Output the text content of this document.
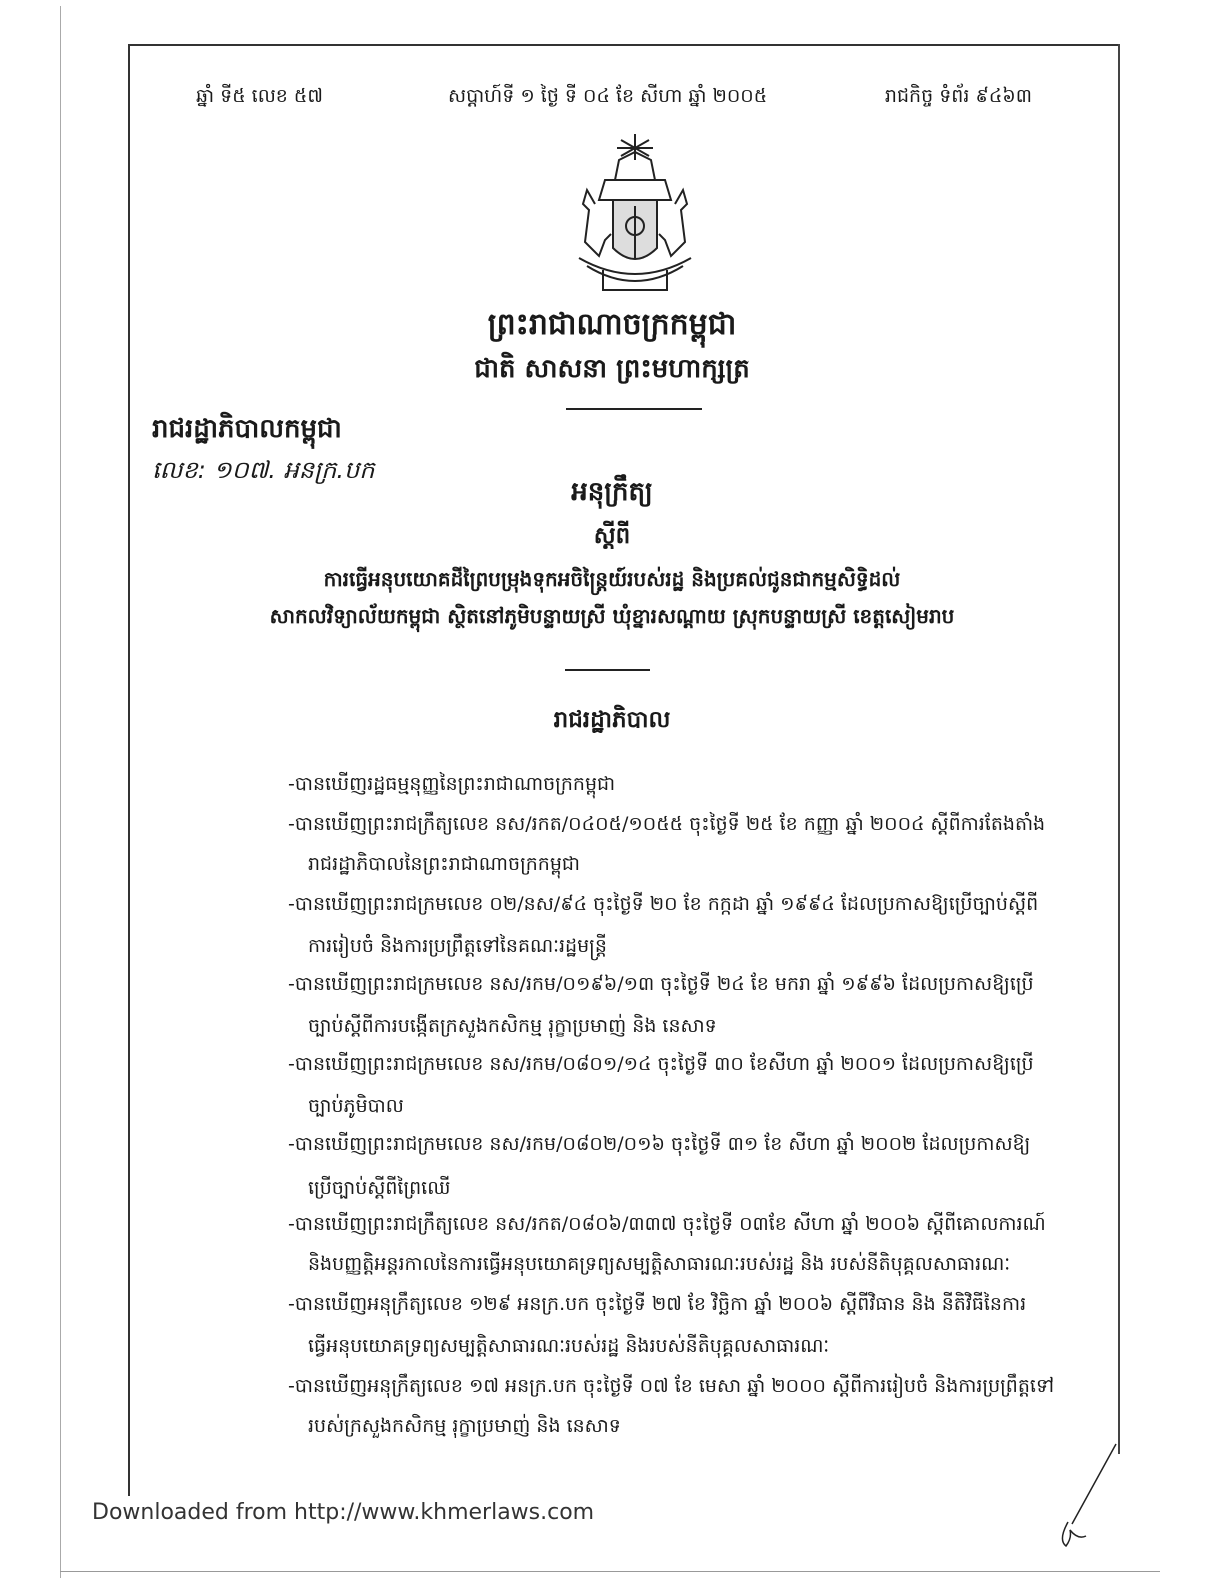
ឆ្នាំ ទី៥ លេខ ៥៧	សប្តាហ៍ទី ១ ថ្ងៃ ទី ០៤ ខែ សីហា ឆ្នាំ ២០០៥	រាជកិច្ច ទំព័រ ៩៤៦៣
ព្រះរាជាណាចក្រកម្ពុជា
ជាតិ សាសនា ព្រះមហាក្សត្រ
រាជរដ្ឋាភិបាលកម្ពុជា
លេខ: ១០៧. អនក្រ.បក
អនុក្រឹត្យ
ស្តីពី
ការធ្វើអនុបយោគដីព្រៃបម្រុងទុកអចិន្ត្រៃយ៍របស់រដ្ឋ និងប្រគល់ជូនជាកម្មសិទ្ធិដល់
សាកលវិទ្យាល័យកម្ពុជា ស្ថិតនៅភូមិបន្ទាយស្រី ឃុំខ្នារសណ្តាយ ស្រុកបន្ទាយស្រី ខេត្តសៀមរាប
រាជរដ្ឋាភិបាល
-បានឃើញរដ្ឋធម្មនុញ្ញនៃព្រះរាជាណាចក្រកម្ពុជា
-បានឃើញព្រះរាជក្រឹត្យលេខ នស/រកត/០៤០៥/១០៥៥ ចុះថ្ងៃទី ២៥ ខែ កញ្ញា ឆ្នាំ ២០០៤ ស្តីពីការតែងតាំង
រាជរដ្ឋាភិបាលនៃព្រះរាជាណាចក្រកម្ពុជា
-បានឃើញព្រះរាជក្រមលេខ ០២/នស/៩៤ ចុះថ្ងៃទី ២០ ខែ កក្កដា ឆ្នាំ ១៩៩៤ ដែលប្រកាសឱ្យប្រើច្បាប់ស្តីពី
ការរៀបចំ និងការប្រព្រឹត្តទៅនៃគណៈរដ្ឋមន្ត្រី
-បានឃើញព្រះរាជក្រមលេខ នស/រកម/០១៩៦/១៣ ចុះថ្ងៃទី ២៤ ខែ មករា ឆ្នាំ ១៩៩៦ ដែលប្រកាសឱ្យប្រើ
ច្បាប់ស្តីពីការបង្កើតក្រសួងកសិកម្ម រុក្ខាប្រមាញ់ និង នេសាទ
-បានឃើញព្រះរាជក្រមលេខ នស/រកម/០៨០១/១៤ ចុះថ្ងៃទី ៣០ ខែសីហា ឆ្នាំ ២០០១ ដែលប្រកាសឱ្យប្រើ
ច្បាប់ភូមិបាល
-បានឃើញព្រះរាជក្រមលេខ នស/រកម/០៨០២/០១៦ ចុះថ្ងៃទី ៣១ ខែ សីហា ឆ្នាំ ២០០២ ដែលប្រកាសឱ្យ
ប្រើច្បាប់ស្តីពីព្រៃឈើ
-បានឃើញព្រះរាជក្រឹត្យលេខ នស/រកត/០៨០៦/៣៣៧ ចុះថ្ងៃទី ០៣ខែ សីហា ឆ្នាំ ២០០៦ ស្តីពីគោលការណ៍
និងបញ្ញត្តិអន្តរកាលនៃការធ្វើអនុបយោគទ្រព្យសម្បត្តិសាធារណៈរបស់រដ្ឋ និង របស់នីតិបុគ្គលសាធារណៈ
-បានឃើញអនុក្រឹត្យលេខ ១២៩ អនក្រ.បក ចុះថ្ងៃទី ២៧ ខែ វិច្ឆិកា ឆ្នាំ ២០០៦ ស្តីពីវិធាន និង នីតិវិធីនៃការ
ធ្វើអនុបយោគទ្រព្យសម្បត្តិសាធារណៈរបស់រដ្ឋ និងរបស់នីតិបុគ្គលសាធារណៈ
-បានឃើញអនុក្រឹត្យលេខ ១៧ អនក្រ.បក ចុះថ្ងៃទី ០៧ ខែ មេសា ឆ្នាំ ២០០០ ស្តីពីការរៀបចំ និងការប្រព្រឹត្តទៅ
របស់ក្រសួងកសិកម្ម រុក្ខាប្រមាញ់ និង នេសាទ
Downloaded from http://www.khmerlaws.com
